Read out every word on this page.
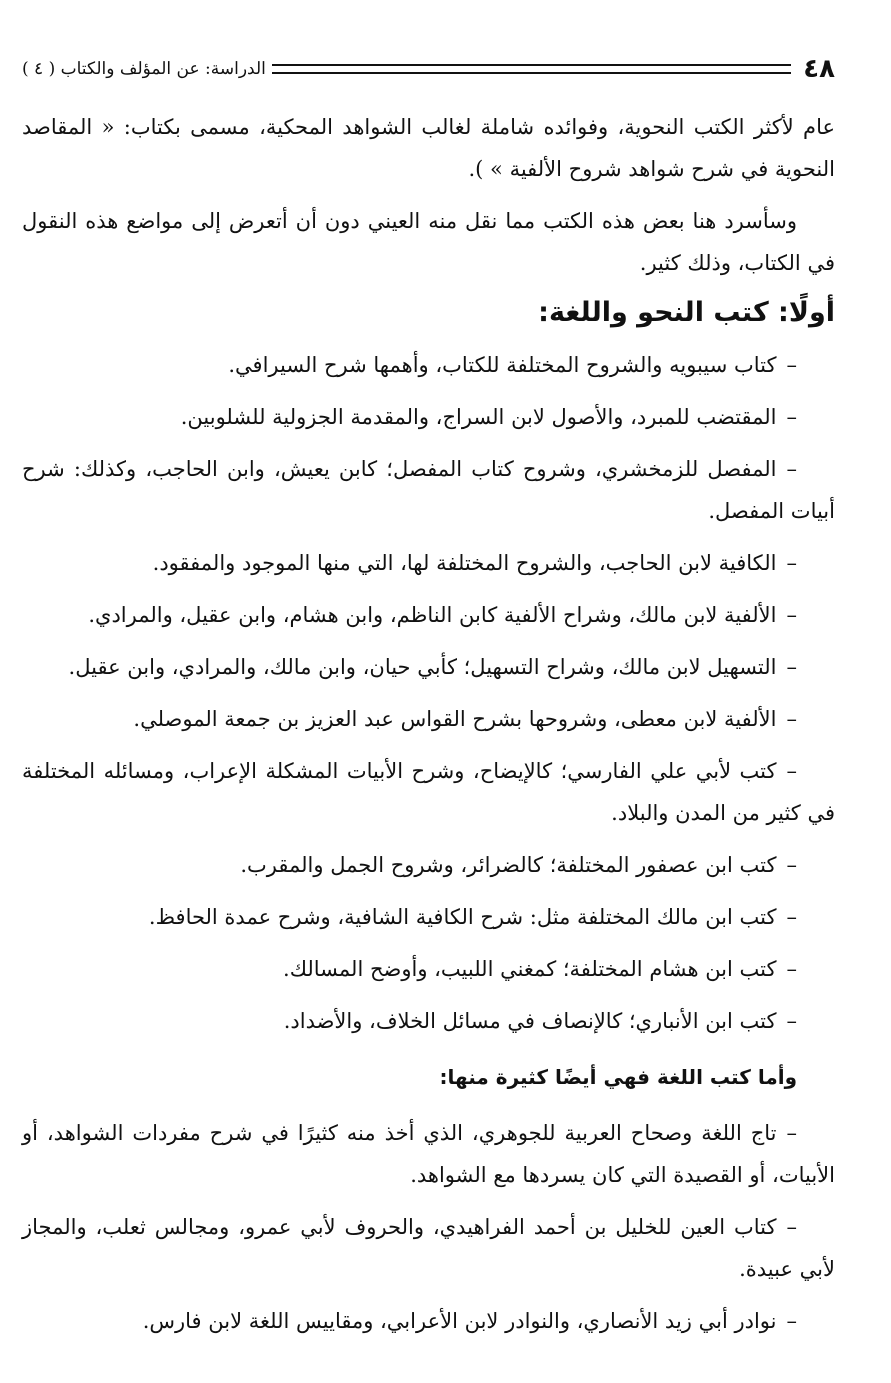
٤٨
الدراسة: عن المؤلف والكتاب ( ٤ )

عام لأكثر الكتب النحوية، وفوائده شاملة لغالب الشواهد المحكية، مسمى بكتاب: « المقاصد النحوية في شرح شواهد شروح الألفية » ).

وسأسرد هنا بعض هذه الكتب مما نقل منه العيني دون أن أتعرض إلى مواضع هذه النقول في الكتاب، وذلك كثير.

أولًا: كتب النحو واللغة:

–كتاب سيبويه والشروح المختلفة للكتاب، وأهمها شرح السيرافي.

–المقتضب للمبرد، والأصول لابن السراج، والمقدمة الجزولية للشلوبين.

–المفصل للزمخشري، وشروح كتاب المفصل؛ كابن يعيش، وابن الحاجب، وكذلك: شرح أبيات المفصل.

–الكافية لابن الحاجب، والشروح المختلفة لها، التي منها الموجود والمفقود.

–الألفية لابن مالك، وشراح الألفية كابن الناظم، وابن هشام، وابن عقيل، والمرادي.

–التسهيل لابن مالك، وشراح التسهيل؛ كأبي حيان، وابن مالك، والمرادي، وابن عقيل.

–الألفية لابن معطى، وشروحها بشرح القواس عبد العزيز بن جمعة الموصلي.

–كتب لأبي علي الفارسي؛ كالإيضاح، وشرح الأبيات المشكلة الإعراب، ومسائله المختلفة في كثير من المدن والبلاد.

–كتب ابن عصفور المختلفة؛ كالضرائر، وشروح الجمل والمقرب.

–كتب ابن مالك المختلفة مثل: شرح الكافية الشافية، وشرح عمدة الحافظ.

–كتب ابن هشام المختلفة؛ كمغني اللبيب، وأوضح المسالك.

–كتب ابن الأنباري؛ كالإنصاف في مسائل الخلاف، والأضداد.

وأما كتب اللغة فهي أيضًا كثيرة منها:

–تاج اللغة وصحاح العربية للجوهري، الذي أخذ منه كثيرًا في شرح مفردات الشواهد، أو الأبيات، أو القصيدة التي كان يسردها مع الشواهد.

–كتاب العين للخليل بن أحمد الفراهيدي، والحروف لأبي عمرو، ومجالس ثعلب، والمجاز لأبي عبيدة.

–نوادر أبي زيد الأنصاري، والنوادر لابن الأعرابي، ومقاييس اللغة لابن فارس.
